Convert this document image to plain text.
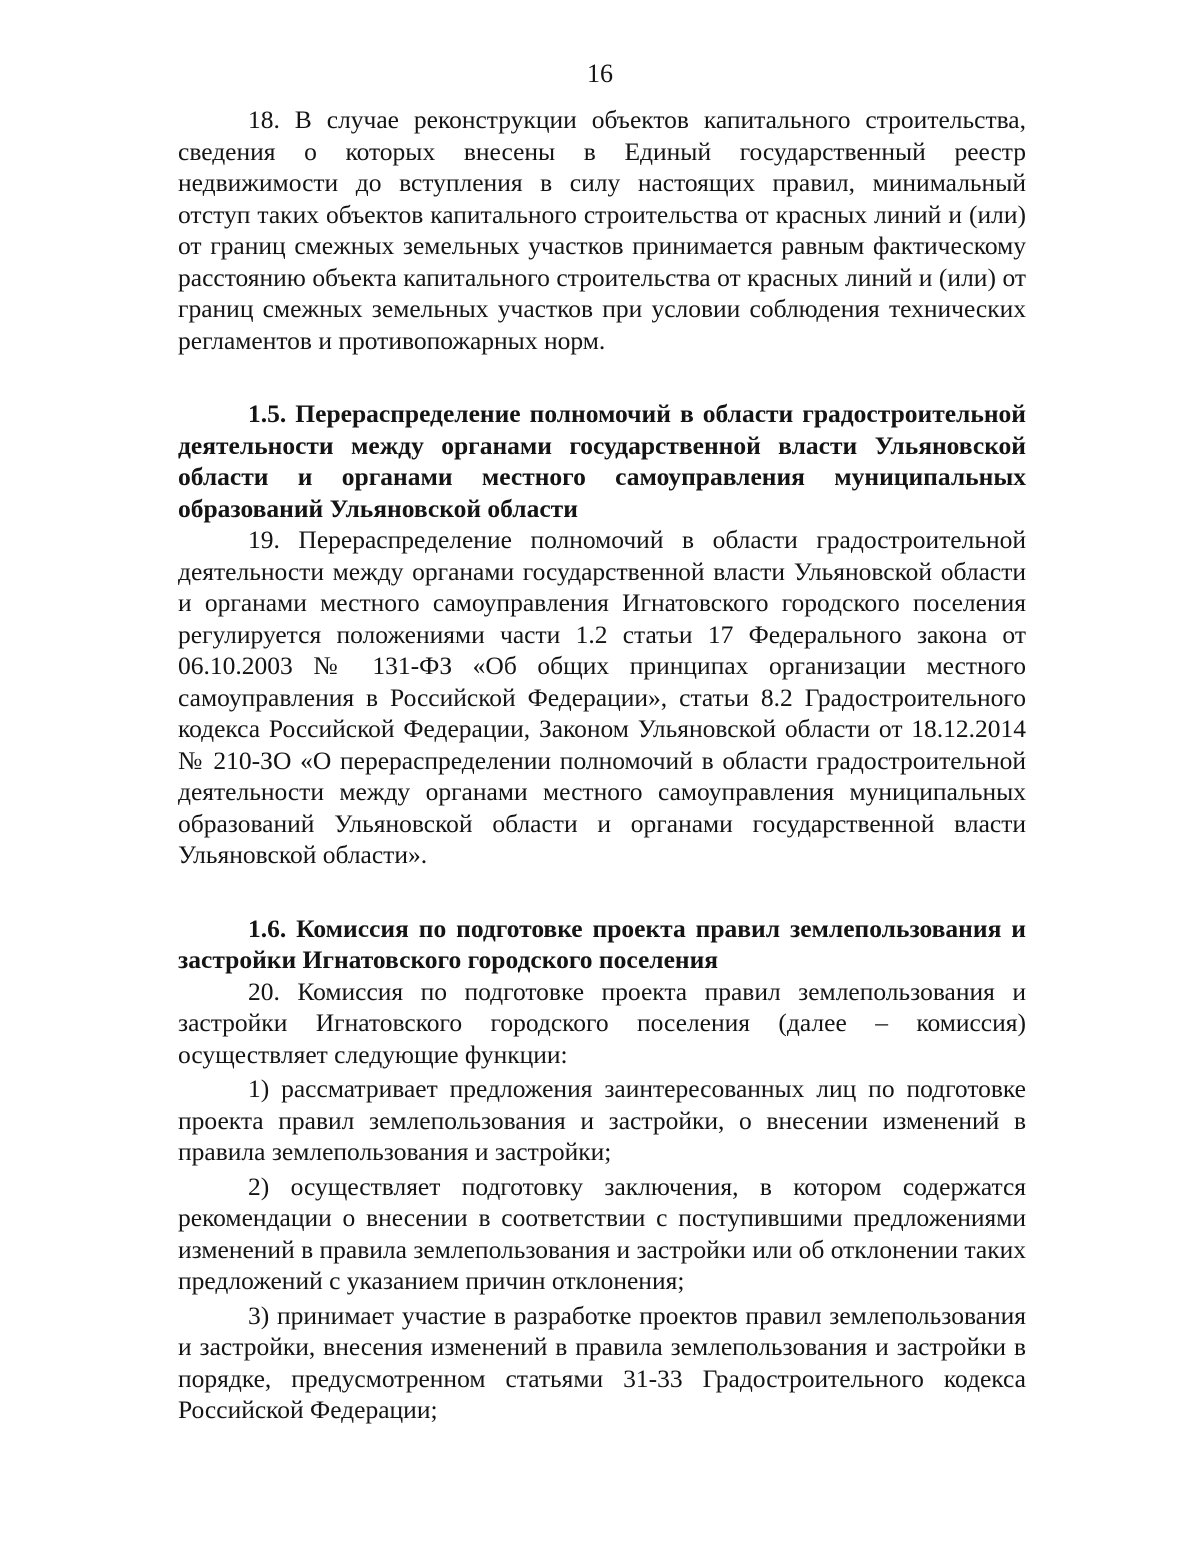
16

18. В случае реконструкции объектов капитального строительства, сведения о которых внесены в Единый государственный реестр недвижимости до вступления в силу настоящих правил, минимальный отступ таких объектов капитального строительства от красных линий и (или) от границ смежных земельных участков принимается равным фактическому расстоянию объекта капитального строительства от красных линий и (или) от границ смежных земельных участков при условии соблюдения технических регламентов и противопожарных норм.

1.5. Перераспределение полномочий в области градостроительной деятельности между органами государственной власти Ульяновской области и органами местного самоуправления муниципальных образований Ульяновской области

19. Перераспределение полномочий в области градостроительной деятельности между органами государственной власти Ульяновской области и органами местного самоуправления Игнатовского городского поселения регулируется положениями части 1.2 статьи 17 Федерального закона от 06.10.2003 № 131-ФЗ «Об общих принципах организации местного самоуправления в Российской Федерации», статьи 8.2 Градостроительного кодекса Российской Федерации, Законом Ульяновской области от 18.12.2014 № 210-ЗО «О перераспределении полномочий в области градостроительной деятельности между органами местного самоуправления муниципальных образований Ульяновской области и органами государственной власти Ульяновской области».

1.6. Комиссия по подготовке проекта правил землепользования и застройки Игнатовского городского поселения

20. Комиссия по подготовке проекта правил землепользования и застройки Игнатовского городского поселения (далее – комиссия) осуществляет следующие функции:

1) рассматривает предложения заинтересованных лиц по подготовке проекта правил землепользования и застройки, о внесении изменений в правила землепользования и застройки;

2) осуществляет подготовку заключения, в котором содержатся рекомендации о внесении в соответствии с поступившими предложениями изменений в правила землепользования и застройки или об отклонении таких предложений с указанием причин отклонения;

3) принимает участие в разработке проектов правил землепользования и застройки, внесения изменений в правила землепользования и застройки в порядке, предусмотренном статьями 31-33 Градостроительного кодекса Российской Федерации;
